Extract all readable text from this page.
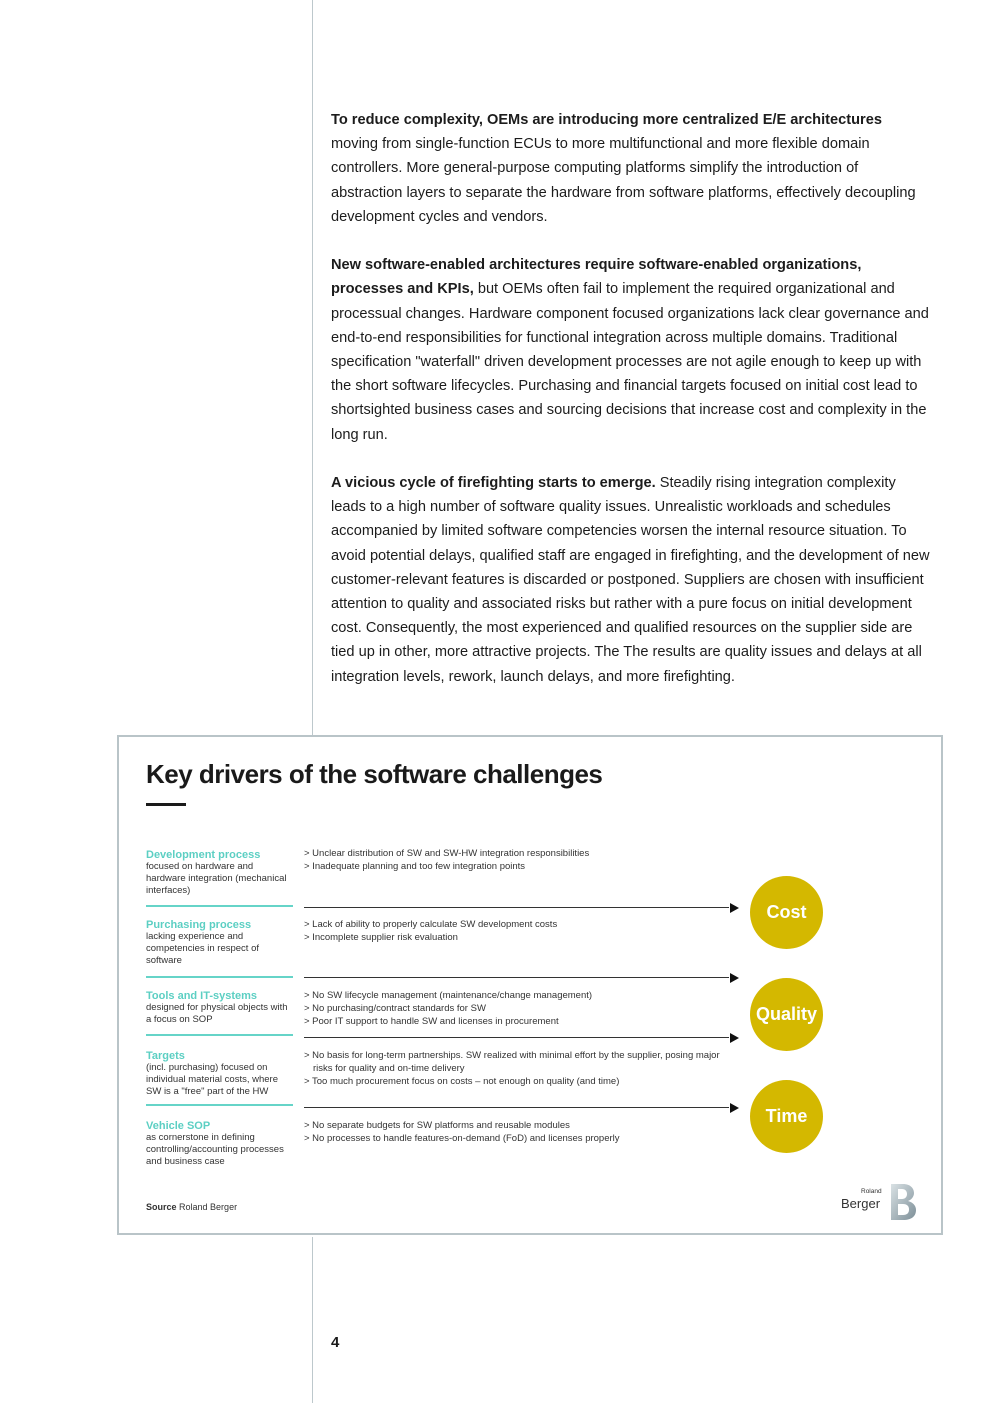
To reduce complexity, OEMs are introducing more centralized E/E architectures
moving from single-function ECUs to more multifunctional and more flexible domain controllers. More general-purpose computing platforms simplify the introduction of abstraction layers to separate the hardware from software platforms, effectively decoupling development cycles and vendors.

New software-enabled architectures require software-enabled organizations, processes and KPIs, but OEMs often fail to implement the required organizational and processual changes. Hardware component focused organizations lack clear governance and end-to-end responsibilities for functional integration across multiple domains. Traditional specification "waterfall" driven development processes are not agile enough to keep up with the short software lifecycles. Purchasing and financial targets focused on initial cost lead to shortsighted business cases and sourcing decisions that increase cost and complexity in the long run.

A vicious cycle of firefighting starts to emerge. Steadily rising integration complexity leads to a high number of software quality issues. Unrealistic workloads and schedules accompanied by limited software competencies worsen the internal resource situation. To avoid potential delays, qualified staff are engaged in firefighting, and the development of new customer-relevant features is discarded or postponed. Suppliers are chosen with insufficient attention to quality and associated risks but rather with a pure focus on initial development cost. Consequently, the most experienced and qualified resources on the supplier side are tied up in other, more attractive projects. The The results are quality issues and delays at all integration levels, rework, launch delays, and more firefighting.

Key drivers of the software challenges
Development process
focused on hardware and hardware integration (mechanical interfaces)
> Unclear distribution of SW and SW-HW integration responsibilities
> Inadequate planning and too few integration points
Purchasing process
lacking experience and competencies in respect of software
> Lack of ability to properly calculate SW development costs
> Incomplete supplier risk evaluation
Tools and IT-systems
designed for physical objects with a focus on SOP
> No SW lifecycle management (maintenance/change management)
> No purchasing/contract standards for SW
> Poor IT support to handle SW and licenses in procurement
Targets
(incl. purchasing) focused on individual material costs, where SW is a "free" part of the HW
> No basis for long-term partnerships. SW realized with minimal effort by the supplier, posing major risks for quality and on-time delivery
> Too much procurement focus on costs – not enough on quality (and time)
Vehicle SOP
as cornerstone in defining controlling/accounting processes and business case
> No separate budgets for SW platforms and reusable modules
> No processes to handle features-on-demand (FoD) and licenses properly
Cost
Quality
Time
Source Roland Berger
Roland
Berger
4
